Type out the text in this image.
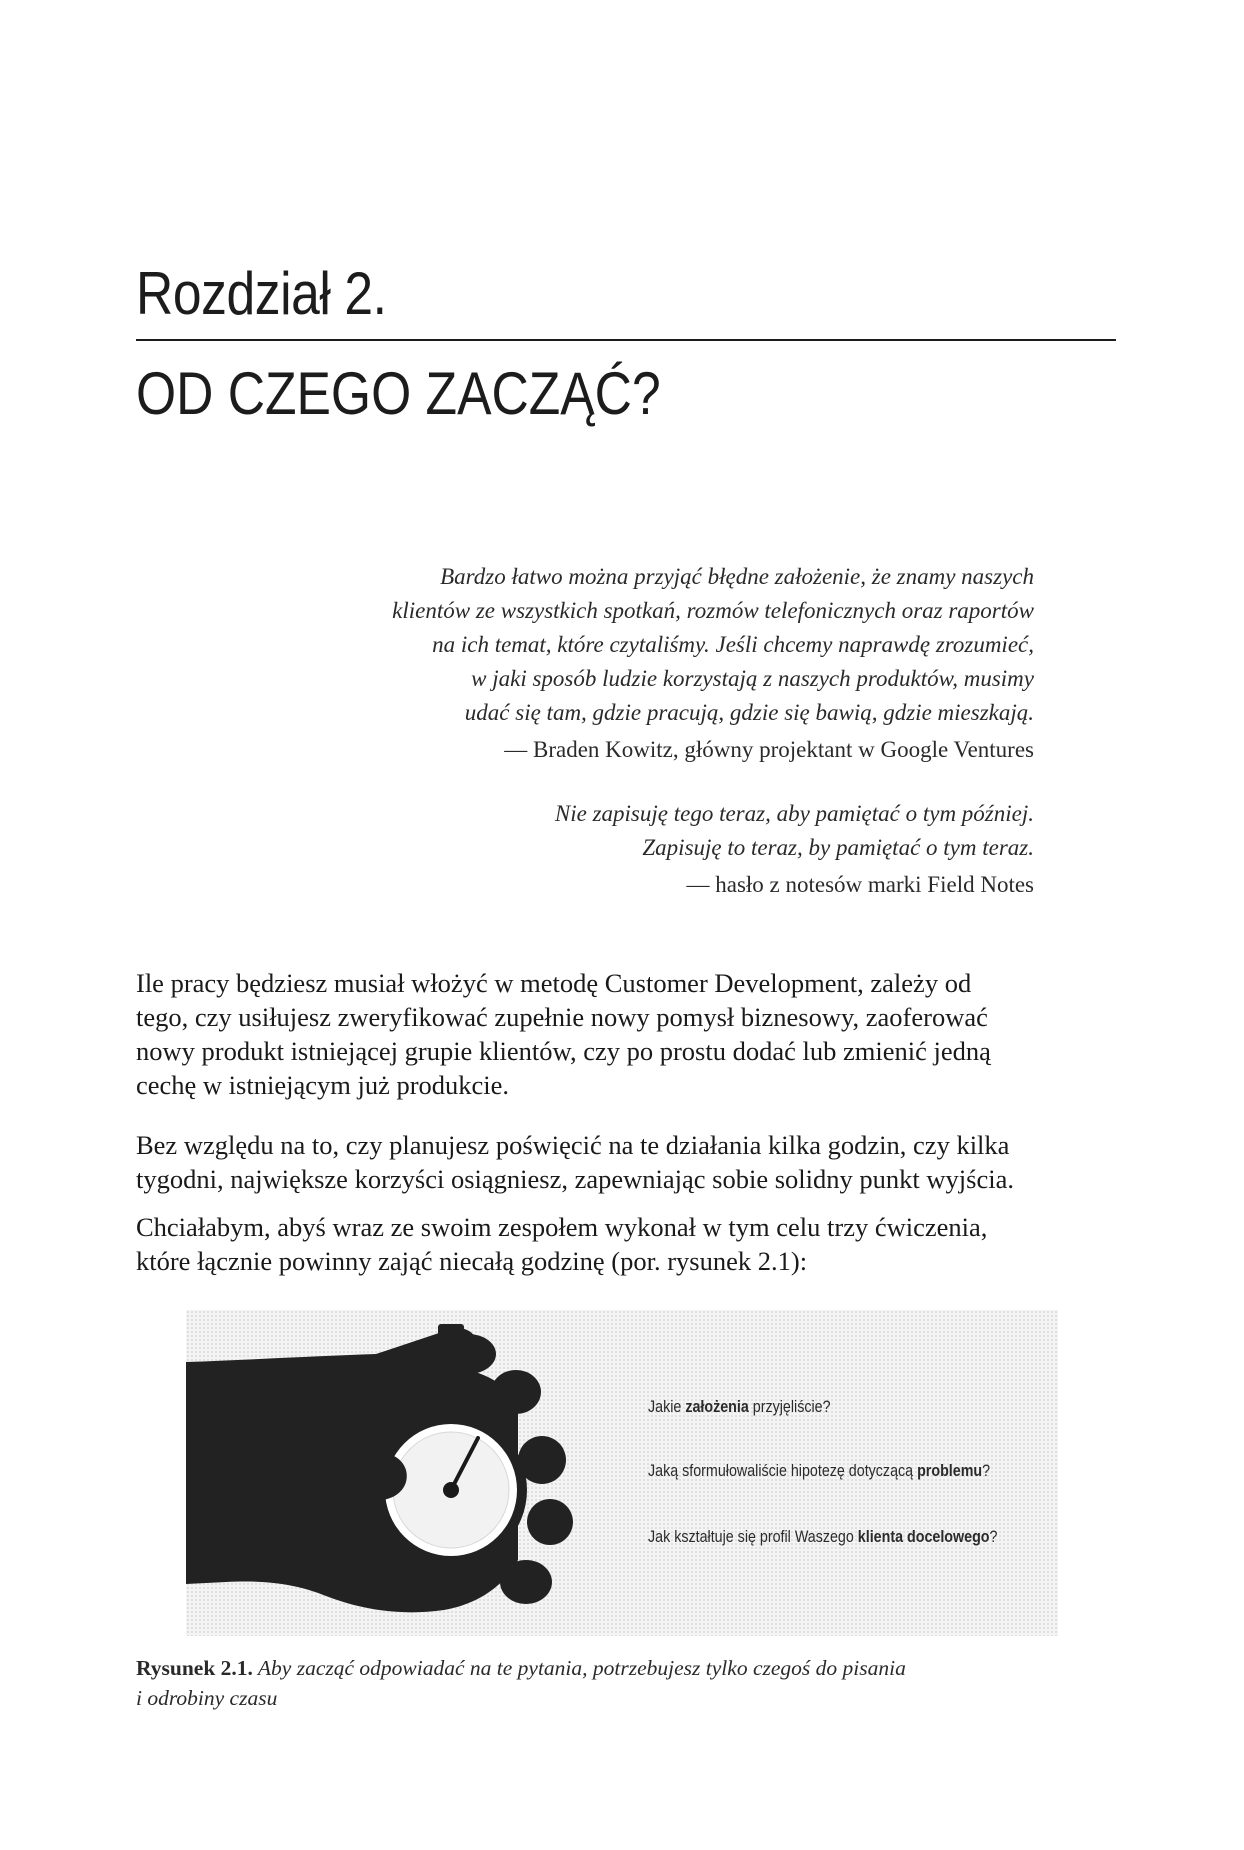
Rozdział 2.
OD CZEGO ZACZĄĆ?
Bardzo łatwo można przyjąć błędne założenie, że znamy naszych
klientów ze wszystkich spotkań, rozmów telefonicznych oraz raportów
na ich temat, które czytaliśmy. Jeśli chcemy naprawdę zrozumieć,
w jaki sposób ludzie korzystają z naszych produktów, musimy
udać się tam, gdzie pracują, gdzie się bawią, gdzie mieszkają.
— Braden Kowitz, główny projektant w Google Ventures
Nie zapisuję tego teraz, aby pamiętać o tym później.
Zapisuję to teraz, by pamiętać o tym teraz.
— hasło z notesów marki Field Notes

Ile pracy będziesz musiał włożyć w metodę Customer Development, zależy od

tego, czy usiłujesz zweryfikować zupełnie nowy pomysł biznesowy, zaoferować

nowy produkt istniejącej grupie klientów, czy po prostu dodać lub zmienić jedną

cechę w istniejącym już produkcie.

Bez względu na to, czy planujesz poświęcić na te działania kilka godzin, czy kilka

tygodni, największe korzyści osiągniesz, zapewniając sobie solidny punkt wyjścia.

Chciałabym, abyś wraz ze swoim zespołem wykonał w tym celu trzy ćwiczenia,

które łącznie powinny zająć niecałą godzinę (por. rysunek 2.1):

Jakie założenia przyjęliście?
Jaką sformułowaliście hipotezę dotyczącą problemu?
Jak kształtuje się profil Waszego klienta docelowego?
Rysunek 2.1. Aby zacząć odpowiadać na te pytania, potrzebujesz tylko czegoś do pisania
i odrobiny czasu
